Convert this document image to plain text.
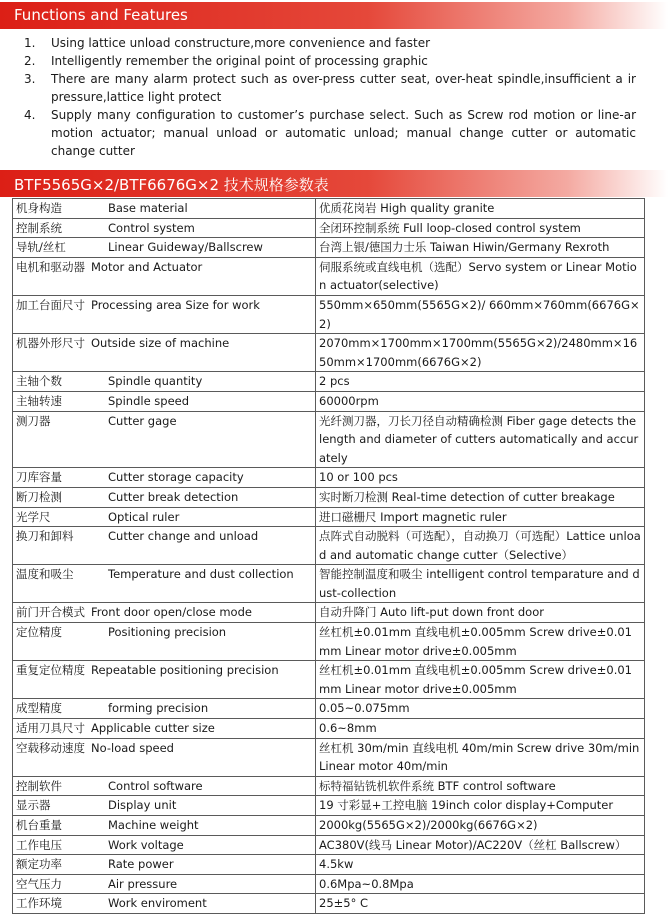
Functions and Features
1. Using lattice unload constructure,more convenience and faster
2. Intelligently remember the original point of processing graphic
3. There are many alarm protect such as over-press cutter seat, over-heat spindle,insufficient a ir pressure,lattice light protect
4. Supply many configuration to customer’s purchase select. Such as Screw rod motion or line-ar motion actuator; manual unload or automatic unload; manual change cutter or automatic change cutter
BTF5565G×2/BTF6676G×2 技术规格参数表
机身构造 Base material	优质花岗岩 High quality granite
控制系统 Control system	全闭环控制系统 Full loop-closed control system
导轨/丝杠 Linear Guideway/Ballscrew	台湾上银/德国力士乐 Taiwan Hiwin/Germany Rexroth
电机和驱动器 Motor and Actuator	伺服系统或直线电机（选配）Servo system or Linear Motion actuator(selective)
加工台面尺寸 Processing area Size for work	550mm×650mm(5565G×2)/ 660mm×760mm(6676G×2)
机器外形尺寸 Outside size of machine	2070mm×1700mm×1700mm(5565G×2)/2480mm×1650mm×1700mm(6676G×2)
主轴个数 Spindle quantity	2 pcs
主轴转速 Spindle speed	60000rpm
测刀器 Cutter gage	光纤测刀器，刀长刀径自动精确检测 Fiber gage detects the length and diameter of cutters automatically and accurately
刀库容量 Cutter storage capacity	10 or 100 pcs
断刀检测 Cutter break detection	实时断刀检测 Real-time detection of cutter breakage
光学尺 Optical ruler	进口磁栅尺 Import magnetic ruler
换刀和卸料 Cutter change and unload	点阵式自动脱料（可选配），自动换刀（可选配）Lattice unload and automatic change cutter（Selective）
温度和吸尘 Temperature and dust collection	智能控制温度和吸尘 intelligent control temparature and dust-collection
前门开合模式 Front door open/close mode	自动升降门 Auto lift-put down front door
定位精度 Positioning precision	丝杠机±0.01mm 直线电机±0.005mm Screw drive±0.01mm Linear motor drive±0.005mm
重复定位精度 Repeatable positioning precision	丝杠机±0.01mm 直线电机±0.005mm Screw drive±0.01mm Linear motor drive±0.005mm
成型精度 forming precision	0.05~0.075mm
适用刀具尺寸 Applicable cutter size	0.6~8mm
空载移动速度 No-load speed	丝杠机 30m/min 直线电机 40m/min Screw drive 30m/min Linear motor 40m/min
控制软件 Control software	标特福钻铣机软件系统 BTF control software
显示器 Display unit	19 寸彩显+工控电脑 19inch color display+Computer
机台重量 Machine weight	2000kg(5565G×2)/2000kg(6676G×2)
工作电压 Work voltage	AC380V(线马 Linear Motor)/AC220V（丝杠 Ballscrew）
额定功率 Rate power	4.5kw
空气压力 Air pressure	0.6Mpa~0.8Mpa
工作环境 Work enviroment	25±5° C
